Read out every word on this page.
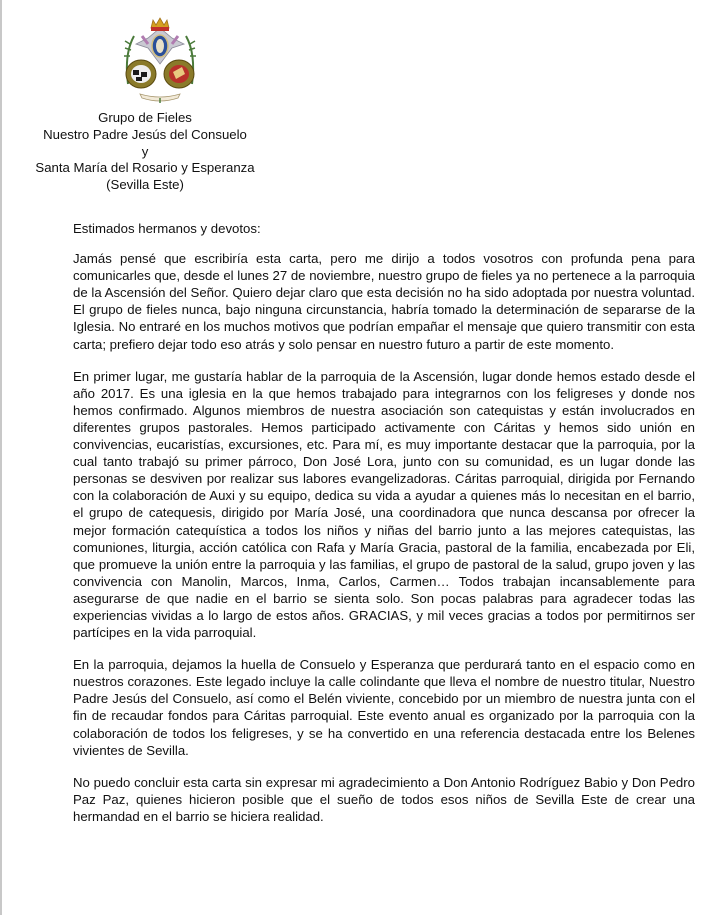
Grupo de Fieles
Nuestro Padre Jesús del Consuelo
y
Santa María del Rosario y Esperanza
(Sevilla Este)

Estimados hermanos y devotos:

Jamás pensé que escribiría esta carta, pero me dirijo a todos vosotros con profunda pena para comunicarles que, desde el lunes 27 de noviembre, nuestro grupo de fieles ya no pertenece a la parroquia de la Ascensión del Señor. Quiero dejar claro que esta decisión no ha sido adoptada por nuestra voluntad. El grupo de fieles nunca, bajo ninguna circunstancia, habría tomado la determinación de separarse de la Iglesia. No entraré en los muchos motivos que podrían empañar el mensaje que quiero transmitir con esta carta; prefiero dejar todo eso atrás y solo pensar en nuestro futuro a partir de este momento.

En primer lugar, me gustaría hablar de la parroquia de la Ascensión, lugar donde hemos estado desde el año 2017. Es una iglesia en la que hemos trabajado para integrarnos con los feligreses y donde nos hemos confirmado. Algunos miembros de nuestra asociación son catequistas y están involucrados en diferentes grupos pastorales. Hemos participado activamente con Cáritas y hemos sido unión en convivencias, eucaristías, excursiones, etc. Para mí, es muy importante destacar que la parroquia, por la cual tanto trabajó su primer párroco, Don José Lora, junto con su comunidad, es un lugar donde las personas se desviven por realizar sus labores evangelizadoras. Cáritas parroquial, dirigida por Fernando con la colaboración de Auxi y su equipo, dedica su vida a ayudar a quienes más lo necesitan en el barrio, el grupo de catequesis, dirigido por María José, una coordinadora que nunca descansa por ofrecer la mejor formación catequística a todos los niños y niñas del barrio junto a las mejores catequistas, las comuniones, liturgia, acción católica con Rafa y María Gracia, pastoral de la familia, encabezada por Eli, que promueve la unión entre la parroquia y las familias, el grupo de pastoral de la salud, grupo joven y las convivencia con Manolin, Marcos, Inma, Carlos, Carmen… Todos trabajan incansablemente para asegurarse de que nadie en el barrio se sienta solo. Son pocas palabras para agradecer todas las experiencias vividas a lo largo de estos años. GRACIAS, y mil veces gracias a todos por permitirnos ser partícipes en la vida parroquial.

En la parroquia, dejamos la huella de Consuelo y Esperanza que perdurará tanto en el espacio como en nuestros corazones. Este legado incluye la calle colindante que lleva el nombre de nuestro titular, Nuestro Padre Jesús del Consuelo, así como el Belén viviente, concebido por un miembro de nuestra junta con el fin de recaudar fondos para Cáritas parroquial. Este evento anual es organizado por la parroquia con la colaboración de todos los feligreses, y se ha convertido en una referencia destacada entre los Belenes vivientes de Sevilla.

No puedo concluir esta carta sin expresar mi agradecimiento a Don Antonio Rodríguez Babio y Don Pedro Paz Paz, quienes hicieron posible que el sueño de todos esos niños de Sevilla Este de crear una hermandad en el barrio se hiciera realidad.
